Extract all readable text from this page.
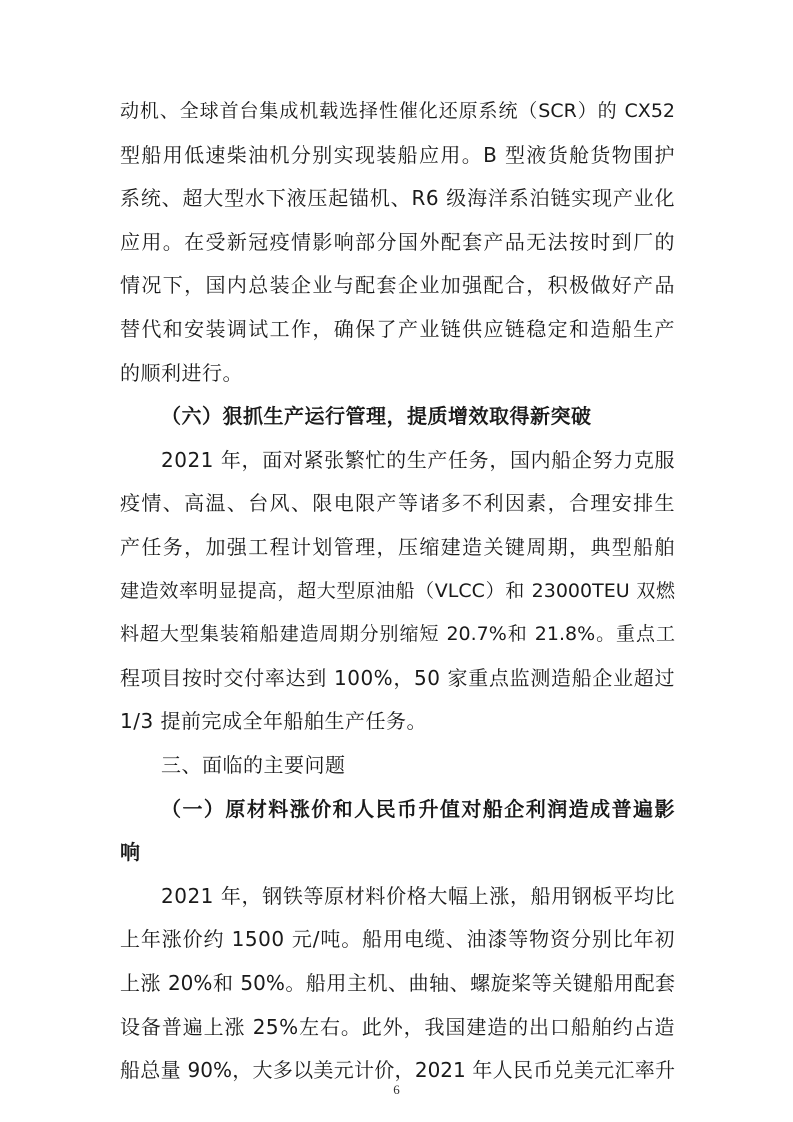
动机、全球首台集成机载选择性催化还原系统（SCR）的 CX52
型船用低速柴油机分别实现装船应用。B 型液货舱货物围护
系统、超大型水下液压起锚机、R6 级海洋系泊链实现产业化
应用。在受新冠疫情影响部分国外配套产品无法按时到厂的
情况下，国内总装企业与配套企业加强配合，积极做好产品
替代和安装调试工作，确保了产业链供应链稳定和造船生产
的顺利进行。
（六）狠抓生产运行管理，提质增效取得新突破
2021 年，面对紧张繁忙的生产任务，国内船企努力克服
疫情、高温、台风、限电限产等诸多不利因素，合理安排生
产任务，加强工程计划管理，压缩建造关键周期，典型船舶
建造效率明显提高，超大型原油船（VLCC）和 23000TEU 双燃
料超大型集装箱船建造周期分别缩短 20.7%和 21.8%。重点工
程项目按时交付率达到 100%，50 家重点监测造船企业超过
1/3 提前完成全年船舶生产任务。
三、面临的主要问题
（一）原材料涨价和人民币升值对船企利润造成普遍影
响
2021 年，钢铁等原材料价格大幅上涨，船用钢板平均比
上年涨价约 1500 元/吨。船用电缆、油漆等物资分别比年初
上涨 20%和 50%。船用主机、曲轴、螺旋桨等关键船用配套
设备普遍上涨 25%左右。此外，我国建造的出口船舶约占造
船总量 90%，大多以美元计价，2021 年人民币兑美元汇率升
6
